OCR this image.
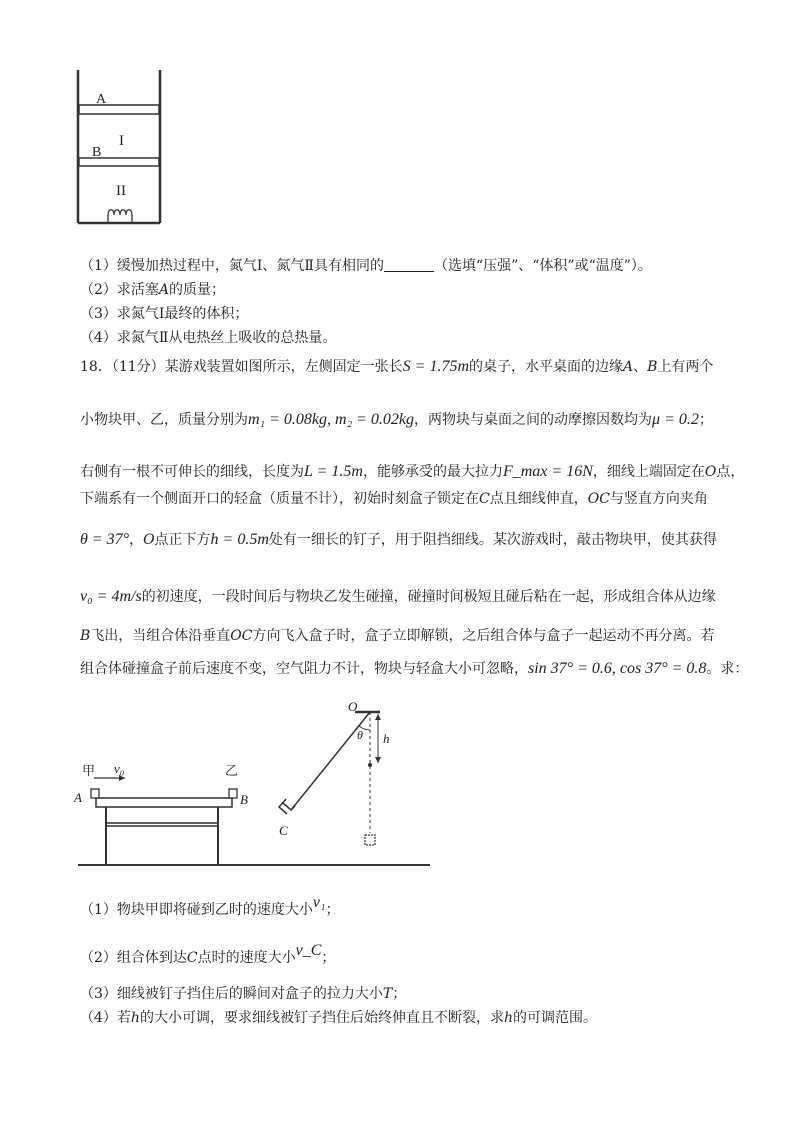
A
B
I
II
（1）缓慢加热过程中，氮气Ⅰ、氮气Ⅱ具有相同的	（选填“压强”、“体积”或“温度”）。
（2）求活塞A的质量；
（3）求氮气Ⅰ最终的体积；
（4）求氮气Ⅱ从电热丝上吸收的总热量。
18．（11分）某游戏装置如图所示，左侧固定一张长S = 1.75m的桌子，水平桌面的边缘A、B上有两个
小物块甲、乙，质量分别为m₁ = 0.08kg, m₂ = 0.02kg，两物块与桌面之间的动摩擦因数均为μ = 0.2；
右侧有一根不可伸长的细线，长度为L = 1.5m，能够承受的最大拉力F_max = 16N，细线上端固定在O点，
下端系有一个侧面开口的轻盒（质量不计），初始时刻盒子锁定在C点且细线伸直，OC与竖直方向夹角
θ = 37°，O点正下方h = 0.5m处有一细长的钉子，用于阻挡细线。某次游戏时，敲击物块甲，使其获得
v₀ = 4m/s的初速度，一段时间后与物块乙发生碰撞，碰撞时间极短且碰后粘在一起，形成组合体从边缘
B飞出，当组合体沿垂直OC方向飞入盒子时，盒子立即解锁，之后组合体与盒子一起运动不再分离。若
组合体碰撞盒子前后速度不变，空气阻力不计，物块与轻盒大小可忽略，sin 37° = 0.6, cos 37° = 0.8。求：
甲 v₀	乙
A	B
O
θ h
C
（1）物块甲即将碰到乙时的速度大小v₁；
（2）组合体到达C点时的速度大小v_C；
（3）细线被钉子挡住后的瞬间对盒子的拉力大小T；
（4）若h的大小可调，要求细线被钉子挡住后始终伸直且不断裂，求h的可调范围。
